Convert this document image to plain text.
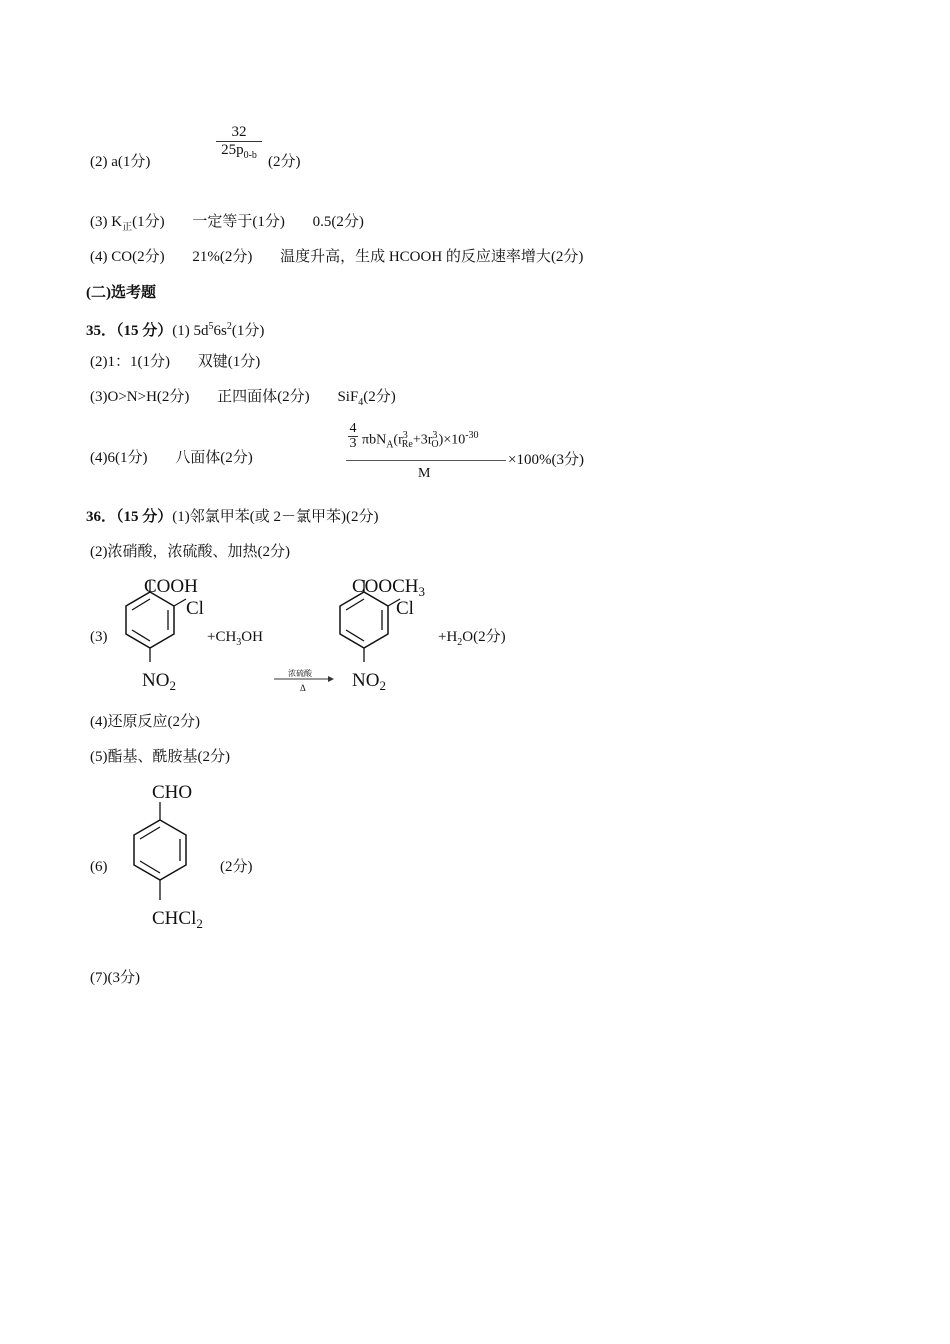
(2) a(1分)
$\frac{32}{25p_{0-b}}$
(2分)
(3) $K_正(1$分) 一定等于(1分) 0.5(2分)
(4) CO(2分) 21%(2分) 温度升高，生成 HCOOH 的反应速率增大(2分)
(二)选考题
35．（15 分）(1) $5d^56s^2(1$分)
(2)1：1(1分) 双键(1分)
(3)O>N>H(2分) 正四面体(2分) SiF$_4$(2分)
(4)6(1分) 八面体(2分)
4
3 $\pi bN_A(r^3_{Re}+3r^3_O)\times 10^{-30}$
M
×100%(3分)
36．（15 分）(1)邻氯甲苯(或 2－氯甲苯)(2分)
(2)浓硝酸，浓硫酸、加热(2分)
(3)
COOH
Cl
$NO_2$
$+CH_3OH$
浓硫酸
Δ
$COOCH_3$
Cl
$NO_2$
$+H_2O(2$分)
(4)还原反应(2分)
(5)酯基、酰胺基(2分)
(6)
CHO
CHCl$_2$
(2分)
(7)(3分)
